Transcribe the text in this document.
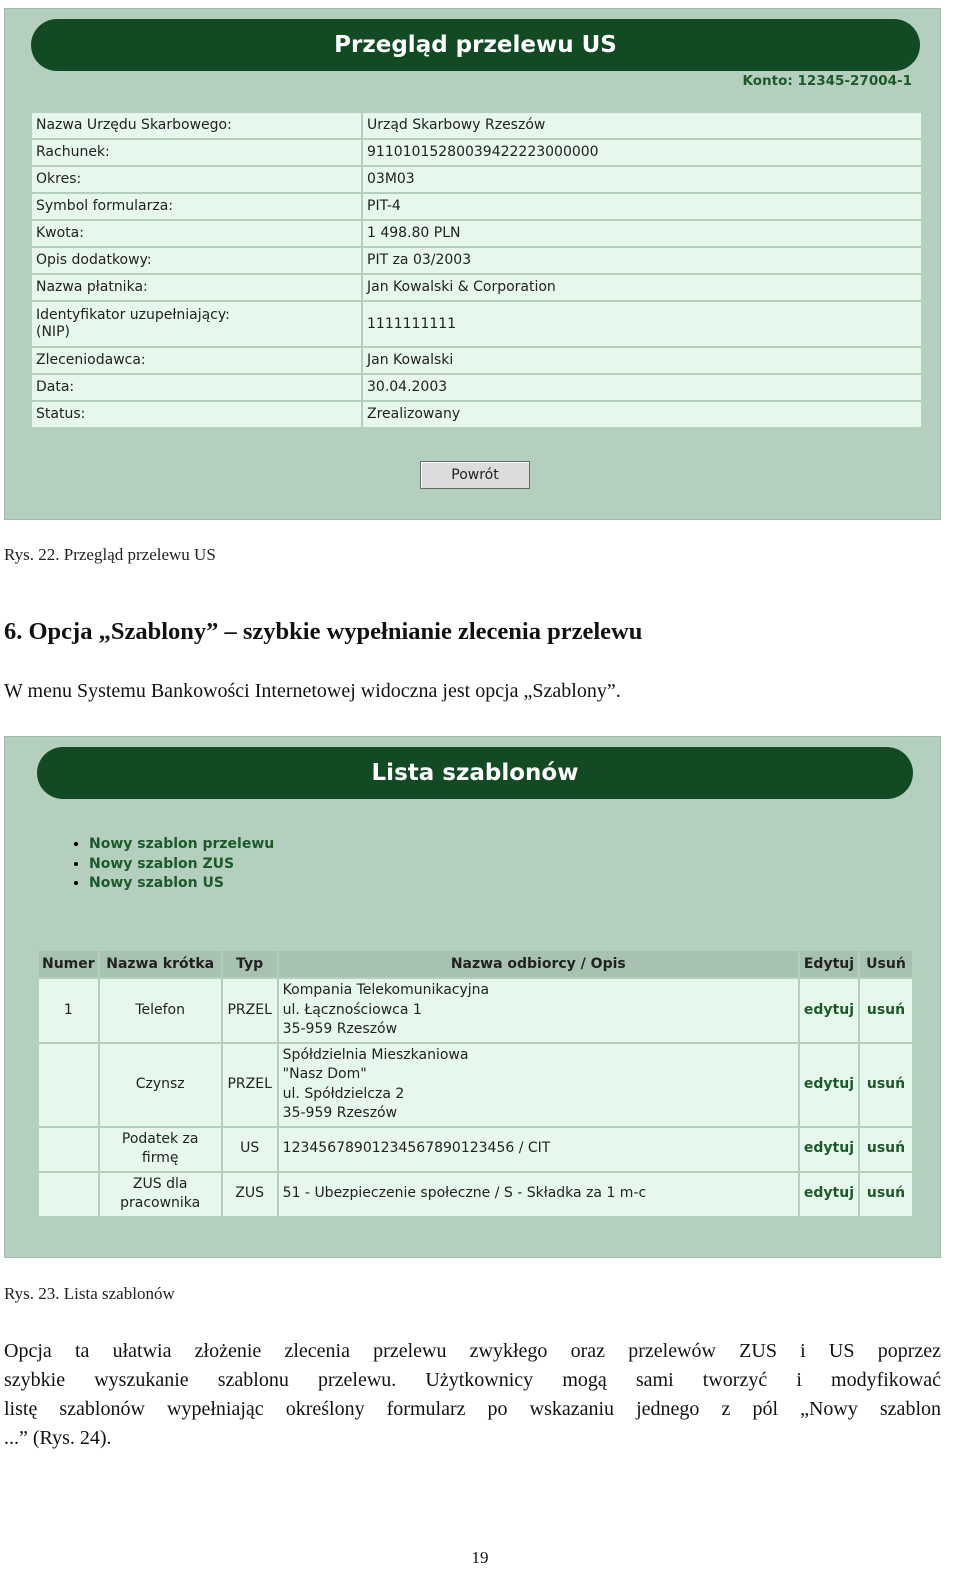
Przegląd przelewu US
Konto: 12345-27004-1
Nazwa Urzędu Skarbowego:	Urząd Skarbowy Rzeszów
Rachunek:	91101015280039422223000000
Okres:	03M03
Symbol formularza:	PIT-4
Kwota:	1 498.80 PLN
Opis dodatkowy:	PIT za 03/2003
Nazwa płatnika:	Jan Kowalski & Corporation
Identyfikator uzupełniający:
(NIP)	1111111111
Zleceniodawca:	Jan Kowalski
Data:	30.04.2003
Status:	Zrealizowany
Powrót
Rys. 22. Przegląd przelewu US
6. Opcja „Szablony” – szybkie wypełnianie zlecenia przelewu
W menu Systemu Bankowości Internetowej widoczna jest opcja „Szablony”.
Lista szablonów
• Nowy szablon przelewu
• Nowy szablon ZUS
• Nowy szablon US
Numer	Nazwa krótka	Typ	Nazwa odbiorcy / Opis	Edytuj	Usuń
1	Telefon	PRZEL	Kompania Telekomunikacyjna
ul. Łącznościowca 1
35-959 Rzeszów	edytuj	usuń
	Czynsz	PRZEL	Spółdzielnia Mieszkaniowa
"Nasz Dom"
ul. Spółdzielcza 2
35-959 Rzeszów	edytuj	usuń
	Podatek za
firmę	US	12345678901234567890123456 / CIT	edytuj	usuń
	ZUS dla
pracownika	ZUS	51 - Ubezpieczenie społeczne / S - Składka za 1 m-c	edytuj	usuń
Rys. 23. Lista szablonów
Opcja ta ułatwia złożenie zlecenia przelewu zwykłego oraz przelewów ZUS i US poprzez
szybkie wyszukanie szablonu przelewu. Użytkownicy mogą sami tworzyć i modyfikować
listę szablonów wypełniając określony formularz po wskazaniu jednego z pól „Nowy szablon
...” (Rys. 24).
19
